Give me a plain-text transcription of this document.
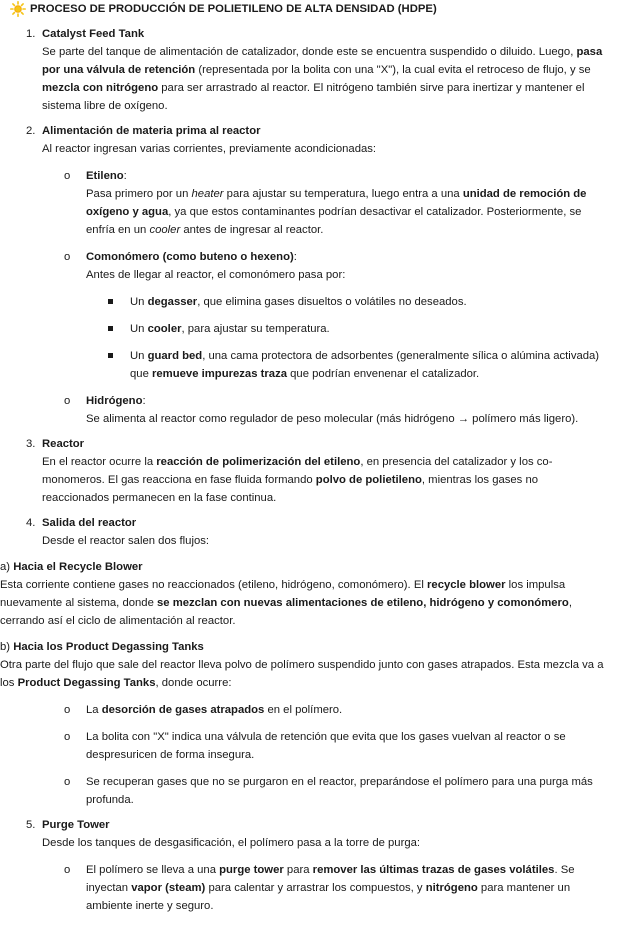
PROCESO DE PRODUCCIÓN DE POLIETILENO DE ALTA DENSIDAD (HDPE)
1. Catalyst Feed Tank
Se parte del tanque de alimentación de catalizador, donde este se encuentra suspendido o diluido. Luego, pasa por una válvula de retención (representada por la bolita con una "X"), la cual evita el retroceso de flujo, y se mezcla con nitrógeno para ser arrastrado al reactor. El nitrógeno también sirve para inertizar y mantener el sistema libre de oxígeno.
2. Alimentación de materia prima al reactor
Al reactor ingresan varias corrientes, previamente acondicionadas:
o	Etileno:
Pasa primero por un heater para ajustar su temperatura, luego entra a una unidad de remoción de oxígeno y agua, ya que estos contaminantes podrían desactivar el catalizador. Posteriormente, se enfría en un cooler antes de ingresar al reactor.
o	Comonómero (como buteno o hexeno):
Antes de llegar al reactor, el comonómero pasa por:
Un degasser, que elimina gases disueltos o volátiles no deseados.
Un cooler, para ajustar su temperatura.
Un guard bed, una cama protectora de adsorbentes (generalmente sílica o alúmina activada) que remueve impurezas traza que podrían envenenar el catalizador.
o	Hidrógeno:
Se alimenta al reactor como regulador de peso molecular (más hidrógeno → polímero más ligero).
3. Reactor
En el reactor ocurre la reacción de polimerización del etileno, en presencia del catalizador y los co-monomeros. El gas reacciona en fase fluida formando polvo de polietileno, mientras los gases no reaccionados permanecen en la fase continua.
4. Salida del reactor
Desde el reactor salen dos flujos:
a) Hacia el Recycle Blower
Esta corriente contiene gases no reaccionados (etileno, hidrógeno, comonómero). El recycle blower los impulsa nuevamente al sistema, donde se mezclan con nuevas alimentaciones de etileno, hidrógeno y comonómero, cerrando así el ciclo de alimentación al reactor.
b) Hacia los Product Degassing Tanks
Otra parte del flujo que sale del reactor lleva polvo de polímero suspendido junto con gases atrapados. Esta mezcla va a los Product Degassing Tanks, donde ocurre:
o	La desorción de gases atrapados en el polímero.
o	La bolita con "X" indica una válvula de retención que evita que los gases vuelvan al reactor o se despresuricen de forma insegura.
o	Se recuperan gases que no se purgaron en el reactor, preparándose el polímero para una purga más profunda.
5. Purge Tower
Desde los tanques de desgasificación, el polímero pasa a la torre de purga:
o	El polímero se lleva a una purge tower para remover las últimas trazas de gases volátiles. Se inyectan vapor (steam) para calentar y arrastrar los compuestos, y nitrógeno para mantener un ambiente inerte y seguro.
